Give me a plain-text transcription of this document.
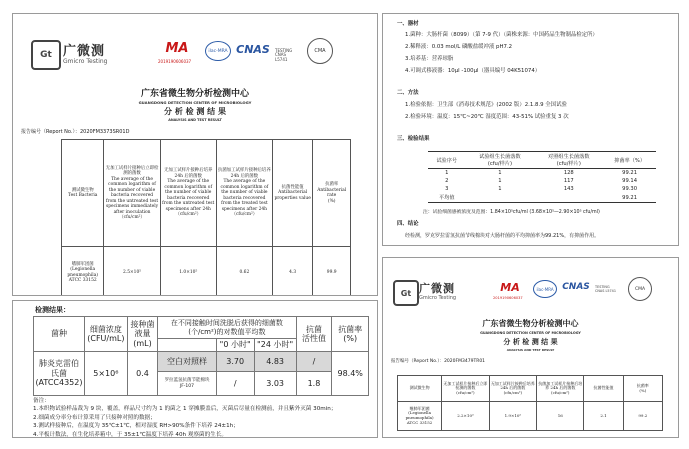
Gt 广微测
Gmicro Testing
MA
2019190606037
ilac-MRA CNAS TESTING CNAS L5741
CMA
广东省微生物分析检测中心
GUANGDONG DETECTION CENTER OF MICROBIOLOGY
分 析 检 测 结 果
ANALYSIS AND TEST RESULT
报告编号（Report No.）：2020FM3373SR01D
测试微生物
Test Bacteria	无加工试样片接种后立即检测的菌数
The average of the common logarithm of the number of viable bacteria recovered from the untreated test specimens immediately after inoculation
（cfu/cm²）	无加工试样片接种后培养 24h 后的菌数
The average of the common logarithm of the number of viable bacteria recovered from the untreated test specimens after 24h
（cfu/cm²）	抗菌加工试样片接种后培养 24h 后的菌数
The average of the common logarithm of the number of viable bacteria recovered from the treated test specimens after 24h
（cfu/cm²）	抗菌性能值
Antibacterial properties value	抗菌率
Antibacterial rate
(%)
嗜肺军团菌
(Legionella pneumophila)
ATCC 33152	2.5×10⁵	1.0×10⁵	0.62	4.3	99.9
一、器材
1.菌种：大肠杆菌（8099）（第 7-9 代）（菌株来源：中国药品生物制品检定所）
2.稀释液：0.03 mol/L 磷酸盐缓冲液 pH7.2
3.培养基：营养琼脂
4.可调式移液器：10μl -100μl（器具编号 04K51074）
二、方法
1.检验依据：卫生部《消毒技术规范》(2002 版）2.1.8.9 全国试验
2.检验环境：温度：15℃~20℃ 湿度范围：43-51% 试验重复 3 次
三、检验结果
试验序号	试验组生长菌落数
(cfu/样片)	对照组生长菌落数
(cfu/样片)	抑菌率（%）
1	1	128	99.21
2	1	117	99.14
3	1	143	99.30
平均值			99.21
注：试验细菌感被浓度及范围：1.84×10⁵cfu/ml (3.68×10⁵—2.90×10⁵ cfu/ml)
四、结论
经检测，罗克罗拉雷氢抗菌节线棉块对大肠杆菌的平均抑菌率为99.21%，有抑菌作用。
检测结果：
菌种	细菌浓度
(CFU/mL)	接种菌
液量
(mL)	在不同接触时间洗脱后获得的细菌数
(个/cm²)的对数值平均数			抗菌
活性值	抗菌率
(%)
				"0 小时"	"24 小时"		
肺炎克雷伯氏菌
(ATCC4352)	5×10⁶	0.4	空白对照样	3.70	4.83	/	98.4%
			罗拉蓝氢抗菌节能棉块
JF-107	/	3.03	1.8	
备注：
1.本织物试验样品裁为 9 块，覆盖，样品尺寸约为 1 的菌之 1 穿摊膜盖后，灭菌后尽量在检测前，并且紫外灭菌 30min；
2.细菌成分率分布计算采用了只接种对照的数据；
3.测试样接种后，在温度为 35℃±1℃，相对湿度 RH>90%条件下培养 24±1h；
4.平板计数法，在生化培养箱中，于 35±1℃温度下培养 40h 观察菌的生长。
Gt 广微测
Gmicro Testing
MA
2019190606037
ilac-MRA CNAS TESTING CNAS L5741	CMA
广东省微生物分析检测中心
GUANGDONG DETECTION CENTER OF MICROBIOLOGY
分 析 检 测 结 果
ANALYSIS AND TEST RESULT
报告编号（Report No.）：2020FM3479TR01
测试微生物	无加工试样片接种后立即检测的菌数
(cfu/cm²)	无加工试样片接种后培养 24h 后的菌数
(cfu/cm²)	抗菌加工试样片接种后培养 24h 后的菌数
(cfu/cm²)	抗菌性能值	抗菌率
(%)
嗜肺军团菌
(Legionella pneumophila)
ATCC 33152	2.2×10⁵	1.9×10⁵	16	2.1	99.2
